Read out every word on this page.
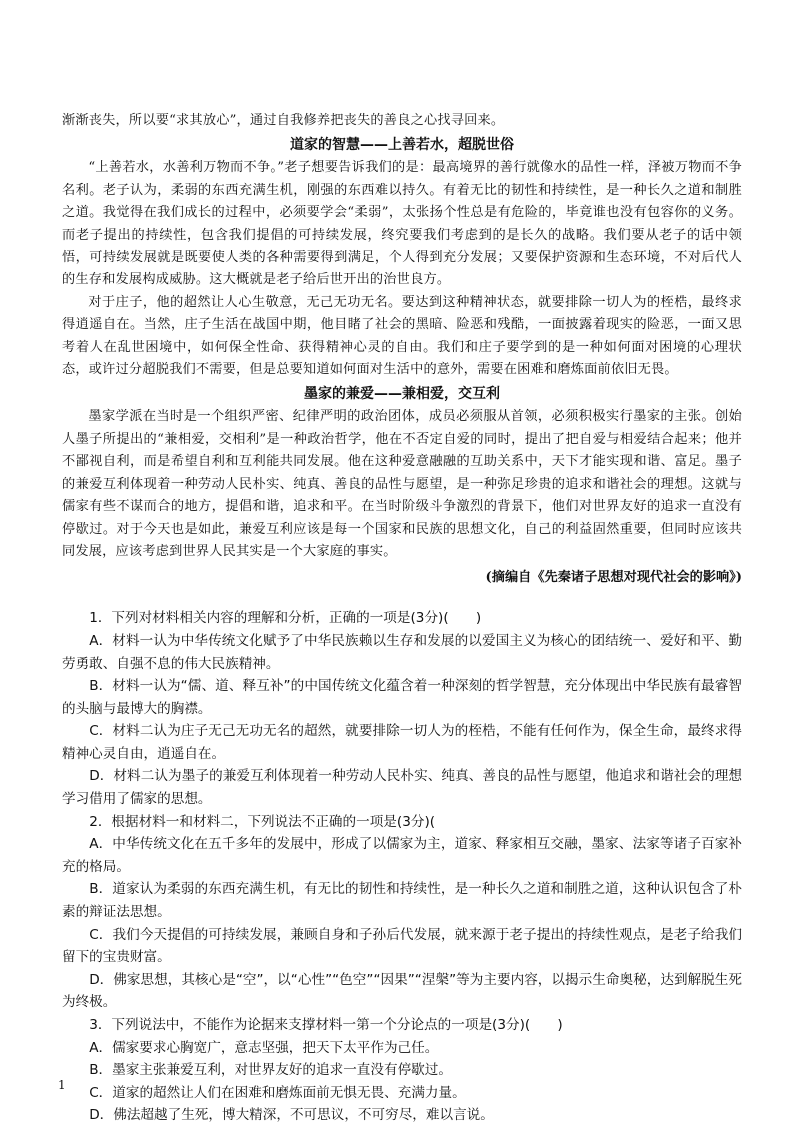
渐渐丧失，所以要“求其放心”，通过自我修养把丧失的善良之心找寻回来。

道家的智慧——上善若水，超脱世俗

“上善若水，水善利万物而不争。”老子想要告诉我们的是：最高境界的善行就像水的品性一样，泽被万物而不争名利。老子认为，柔弱的东西充满生机，刚强的东西难以持久。有着无比的韧性和持续性，是一种长久之道和制胜之道。我觉得在我们成长的过程中，必须要学会“柔弱”，太张扬个性总是有危险的，毕竟谁也没有包容你的义务。而老子提出的持续性，包含我们提倡的可持续发展，终究要我们考虑到的是长久的战略。我们要从老子的话中领悟，可持续发展就是既要使人类的各种需要得到满足，个人得到充分发展；又要保护资源和生态环境，不对后代人的生存和发展构成威胁。这大概就是老子给后世开出的治世良方。

对于庄子，他的超然让人心生敬意，无己无功无名。要达到这种精神状态，就要排除一切人为的桎梏，最终求得逍遥自在。当然，庄子生活在战国中期，他目睹了社会的黑暗、险恶和残酷，一面披露着现实的险恶，一面又思考着人在乱世困境中，如何保全性命、获得精神心灵的自由。我们和庄子要学到的是一种如何面对困境的心理状态，或许过分超脱我们不需要，但是总要知道如何面对生活中的意外，需要在困难和磨炼面前依旧无畏。

墨家的兼爱——兼相爱，交互利

墨家学派在当时是一个组织严密、纪律严明的政治团体，成员必须服从首领，必须积极实行墨家的主张。创始人墨子所提出的“兼相爱，交相利”是一种政治哲学，他在不否定自爱的同时，提出了把自爱与相爱结合起来；他并不鄙视自利，而是希望自利和互利能共同发展。他在这种爱意融融的互助关系中，天下才能实现和谐、富足。墨子的兼爱互利体现着一种劳动人民朴实、纯真、善良的品性与愿望，是一种弥足珍贵的追求和谐社会的理想。这就与儒家有些不谋而合的地方，提倡和谐，追求和平。在当时阶级斗争激烈的背景下，他们对世界友好的追求一直没有停歇过。对于今天也是如此，兼爱互利应该是每一个国家和民族的思想文化，自己的利益固然重要，但同时应该共同发展，应该考虑到世界人民其实是一个大家庭的事实。

(摘编自《先秦诸子思想对现代社会的影响》)

1．下列对材料相关内容的理解和分析，正确的一项是(3分)(　　)

A．材料一认为中华传统文化赋予了中华民族赖以生存和发展的以爱国主义为核心的团结统一、爱好和平、勤劳勇敢、自强不息的伟大民族精神。

B．材料一认为“儒、道、释互补”的中国传统文化蕴含着一种深刻的哲学智慧，充分体现出中华民族有最睿智的头脑与最博大的胸襟。

C．材料二认为庄子无己无功无名的超然，就要排除一切人为的桎梏，不能有任何作为，保全生命，最终求得精神心灵自由，逍遥自在。

D．材料二认为墨子的兼爱互利体现着一种劳动人民朴实、纯真、善良的品性与愿望，他追求和谐社会的理想学习借用了儒家的思想。

2．根据材料一和材料二，下列说法不正确的一项是(3分)(

A．中华传统文化在五千多年的发展中，形成了以儒家为主，道家、释家相互交融，墨家、法家等诸子百家补充的格局。

B．道家认为柔弱的东西充满生机，有无比的韧性和持续性，是一种长久之道和制胜之道，这种认识包含了朴素的辩证法思想。

C．我们今天提倡的可持续发展，兼顾自身和子孙后代发展，就来源于老子提出的持续性观点，是老子给我们留下的宝贵财富。

D．佛家思想，其核心是“空”，以“心性”“色空”“因果”“涅槃”等为主要内容，以揭示生命奥秘，达到解脱生死为终极。

3．下列说法中，不能作为论据来支撑材料一第一个分论点的一项是(3分)(　　)

A．儒家要求心胸宽广，意志坚强，把天下太平作为己任。

B．墨家主张兼爱互利，对世界友好的追求一直没有停歇过。

C．道家的超然让人们在困难和磨炼面前无惧无畏、充满力量。

D．佛法超越了生死，博大精深，不可思议，不可穷尽，难以言说。

1
